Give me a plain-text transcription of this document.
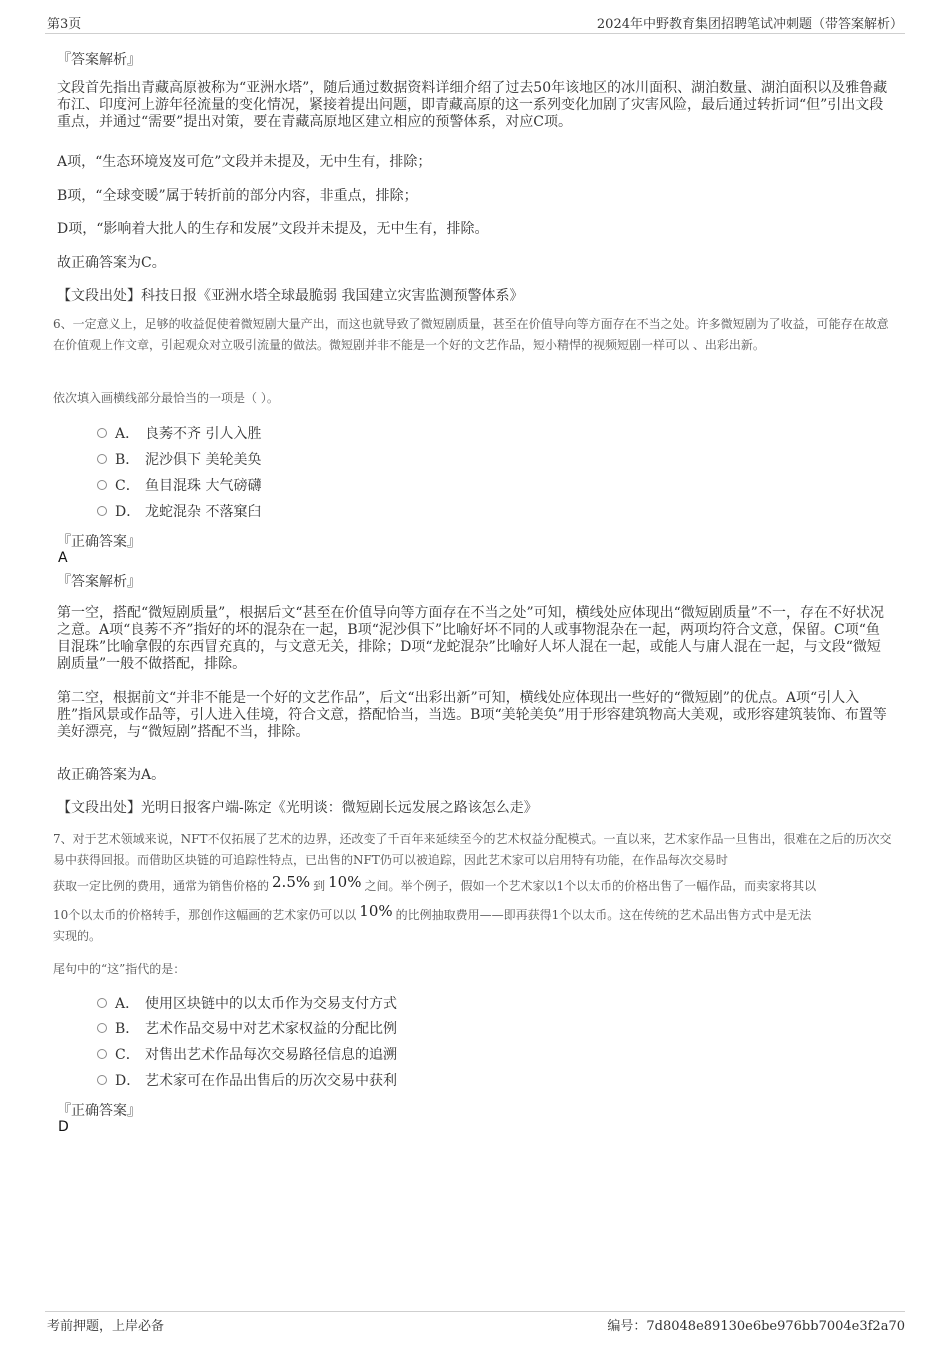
第3页	2024年中野教育集团招聘笔试冲刺题（带答案解析）
『答案解析』
文段首先指出青藏高原被称为“亚洲水塔”，随后通过数据资料详细介绍了过去50年该地区的冰川面积、湖泊数量、湖泊面积以及雅鲁藏布江、印度河上游年径流量的变化情况，紧接着提出问题，即青藏高原的这一系列变化加剧了灾害风险，最后通过转折词“但”引出文段重点，并通过“需要”提出对策，要在青藏高原地区建立相应的预警体系，对应C项。
A项，“生态环境岌岌可危”文段并未提及，无中生有，排除；
B项，“全球变暖”属于转折前的部分内容，非重点，排除；
D项，“影响着大批人的生存和发展”文段并未提及，无中生有，排除。
故正确答案为C。
【文段出处】科技日报《亚洲水塔全球最脆弱 我国建立灾害监测预警体系》
6、一定意义上，足够的收益促使着微短剧大量产出，而这也就导致了微短剧质量，甚至在价值导向等方面存在不当之处。许多微短剧为了收益，可能存在故意在价值观上作文章，引起观众对立吸引流量的做法。微短剧并非不能是一个好的文艺作品，短小精悍的视频短剧一样可以 、出彩出新。
依次填入画横线部分最恰当的一项是（ ）。
A． 良莠不齐 引人入胜
B． 泥沙俱下 美轮美奂
C． 鱼目混珠 大气磅礴
D． 龙蛇混杂 不落窠臼
『正确答案』
A
『答案解析』
第一空，搭配“微短剧质量”，根据后文“甚至在价值导向等方面存在不当之处”可知，横线处应体现出“微短剧质量”不一，存在不好状况之意。A项“良莠不齐”指好的坏的混杂在一起，B项“泥沙俱下”比喻好坏不同的人或事物混杂在一起，两项均符合文意，保留。C项“鱼目混珠”比喻拿假的东西冒充真的，与文意无关，排除；D项“龙蛇混杂”比喻好人坏人混在一起，或能人与庸人混在一起，与文段“微短剧质量”一般不做搭配，排除。
第二空，根据前文“并非不能是一个好的文艺作品”，后文“出彩出新”可知，横线处应体现出一些好的“微短剧”的优点。A项“引人入胜”指风景或作品等，引人进入佳境，符合文意，搭配恰当，当选。B项“美轮美奂”用于形容建筑物高大美观，或形容建筑装饰、布置等美好漂亮，与“微短剧”搭配不当，排除。
故正确答案为A。
【文段出处】光明日报客户端-陈定《光明谈：微短剧长远发展之路该怎么走》
7、对于艺术领域来说，NFT不仅拓展了艺术的边界，还改变了千百年来延续至今的艺术权益分配模式。一直以来，艺术家作品一旦售出，很难在之后的历次交易中获得回报。而借助区块链的可追踪性特点，已出售的NFT仍可以被追踪，因此艺术家可以启用特有功能，在作品每次交易时
获取一定比例的费用，通常为销售价格的 2.5% 到 10% 之间。举个例子，假如一个艺术家以1个以太币的价格出售了一幅作品，而卖家将其以
10个以太币的价格转手，那创作这幅画的艺术家仍可以以 10% 的比例抽取费用——即再获得1个以太币。这在传统的艺术品出售方式中是无法
实现的。
尾句中的“这”指代的是：
A． 使用区块链中的以太币作为交易支付方式
B． 艺术作品交易中对艺术家权益的分配比例
C． 对售出艺术作品每次交易路径信息的追溯
D． 艺术家可在作品出售后的历次交易中获利
『正确答案』
D
考前押题，上岸必备	编号：7d8048e89130e6be976bb7004e3f2a70
